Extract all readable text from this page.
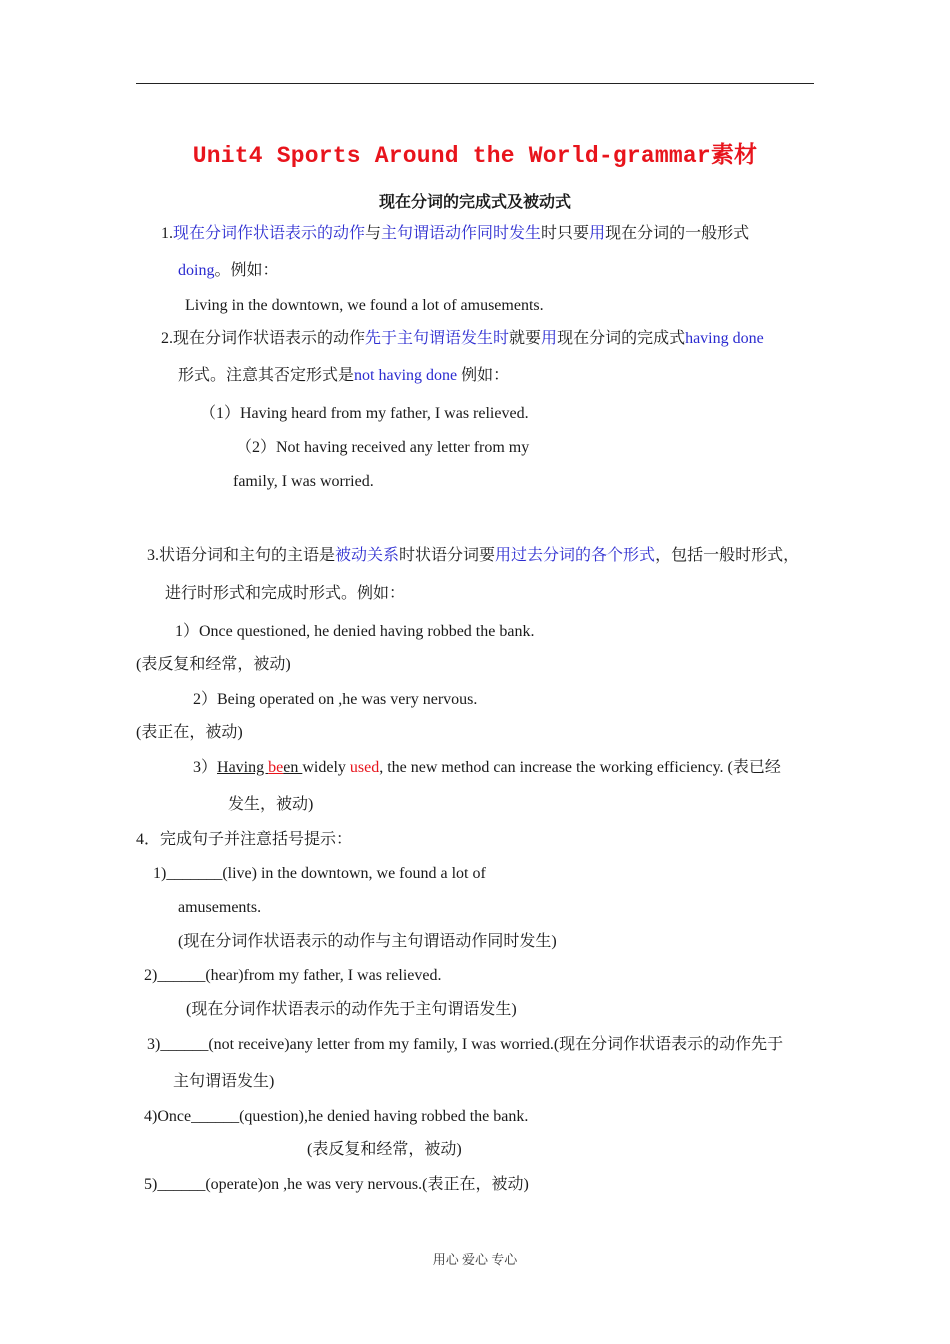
Unit4 Sports Around the World-grammar素材
现在分词的完成式及被动式
1.现在分词作状语表示的动作与主句谓语动作同时发生时只要用现在分词的一般形式
doing。例如：
Living in the downtown, we found a lot of amusements.
2.现在分词作状语表示的动作先于主句谓语发生时就要用现在分词的完成式having done
形式。注意其否定形式是not having done 例如：
（1）Having heard from my father, I was relieved.
（2）Not having received any letter from my
family, I was worried.
3.状语分词和主句的主语是被动关系时状语分词要用过去分词的各个形式，包括一般时形式，
进行时形式和完成时形式。例如：
1）Once questioned, he denied having robbed the bank.
(表反复和经常，被动)
2）Being operated on ,he was very nervous.
(表正在，被动)
3）Having been widely used, the new method can increase the working efficiency. (表已经
发生，被动)
4．完成句子并注意括号提示：
1)_______(live) in the downtown, we found a lot of
amusements.
(现在分词作状语表示的动作与主句谓语动作同时发生)
2)______(hear)from my father, I was relieved.
(现在分词作状语表示的动作先于主句谓语发生)
3)______(not receive)any letter from my family, I was worried.(现在分词作状语表示的动作先于
主句谓语发生)
4)Once______(question),he denied having robbed the bank.
(表反复和经常，被动)
5)______(operate)on ,he was very nervous.(表正在，被动)
用心 爱心 专心
